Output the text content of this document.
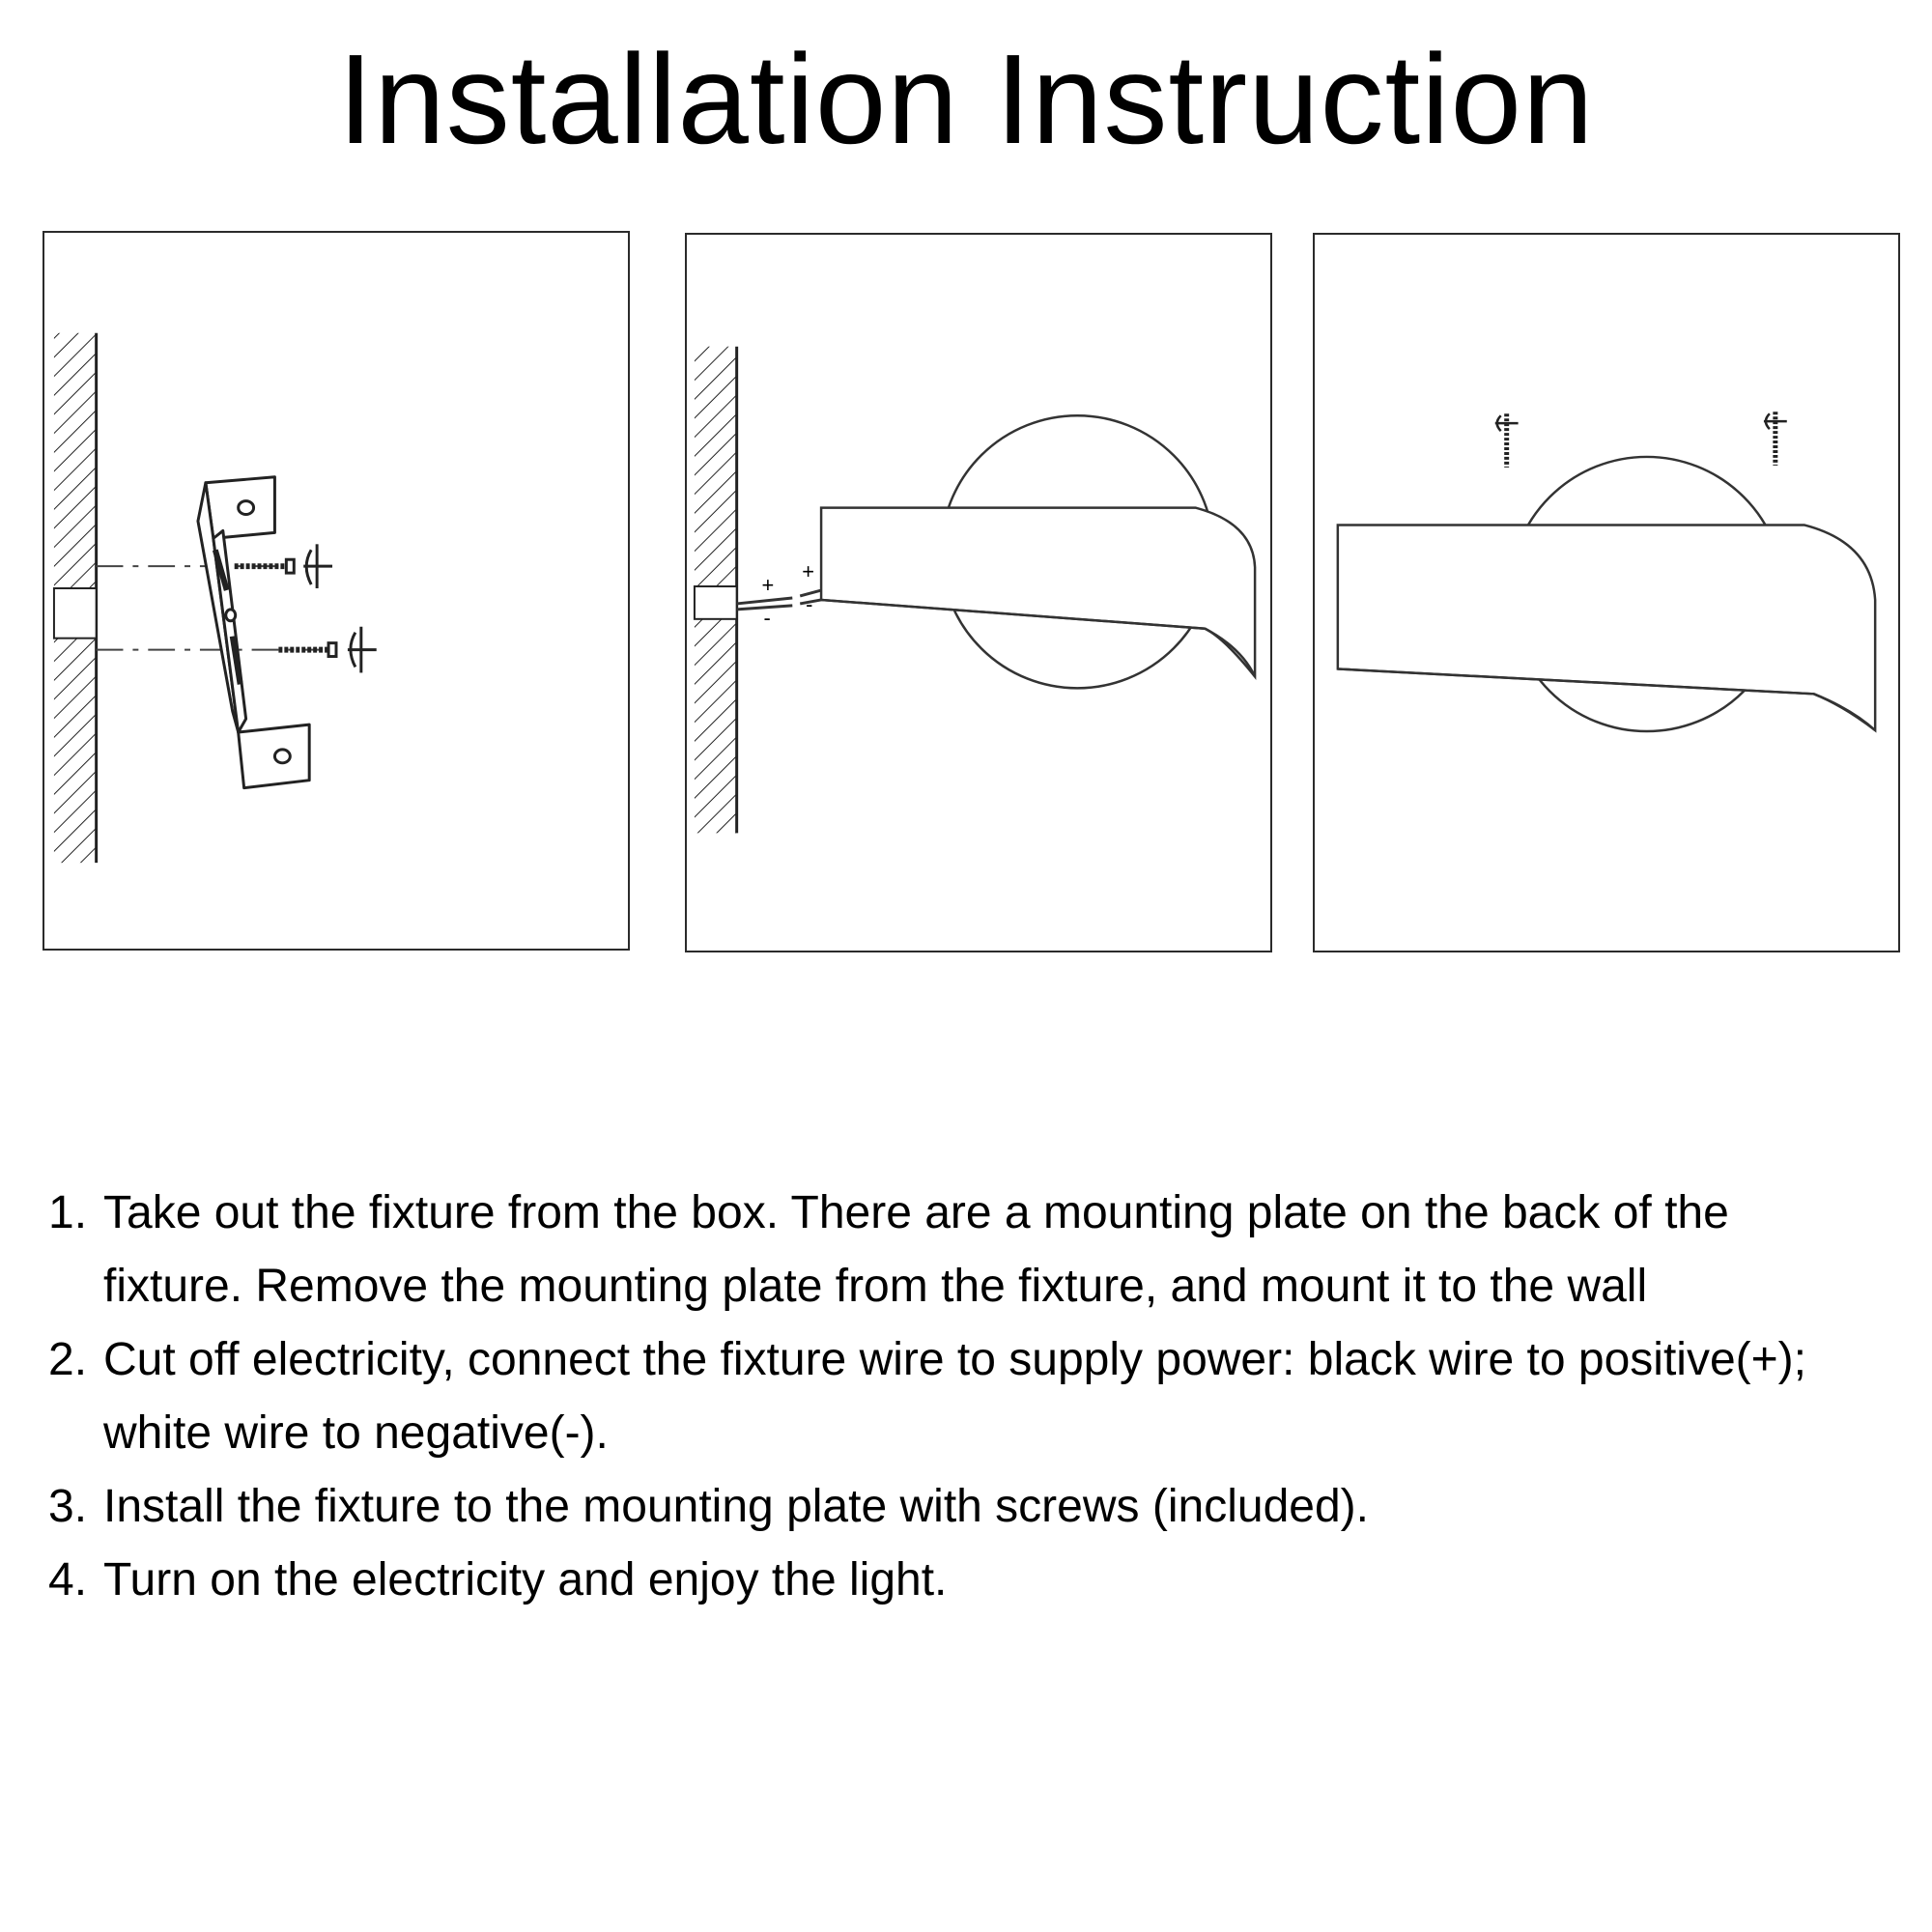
Installation Instruction
+
-
+
-
1. Take out the fixture from the box. There are a mounting plate on the back of the
fixture. Remove the mounting plate from the fixture, and mount it to the wall
2. Cut off electricity, connect the fixture wire to supply power: black wire to positive(+);
white wire to negative(-).
3. Install the fixture to the mounting plate with screws (included).
4. Turn on the electricity and enjoy the light.
